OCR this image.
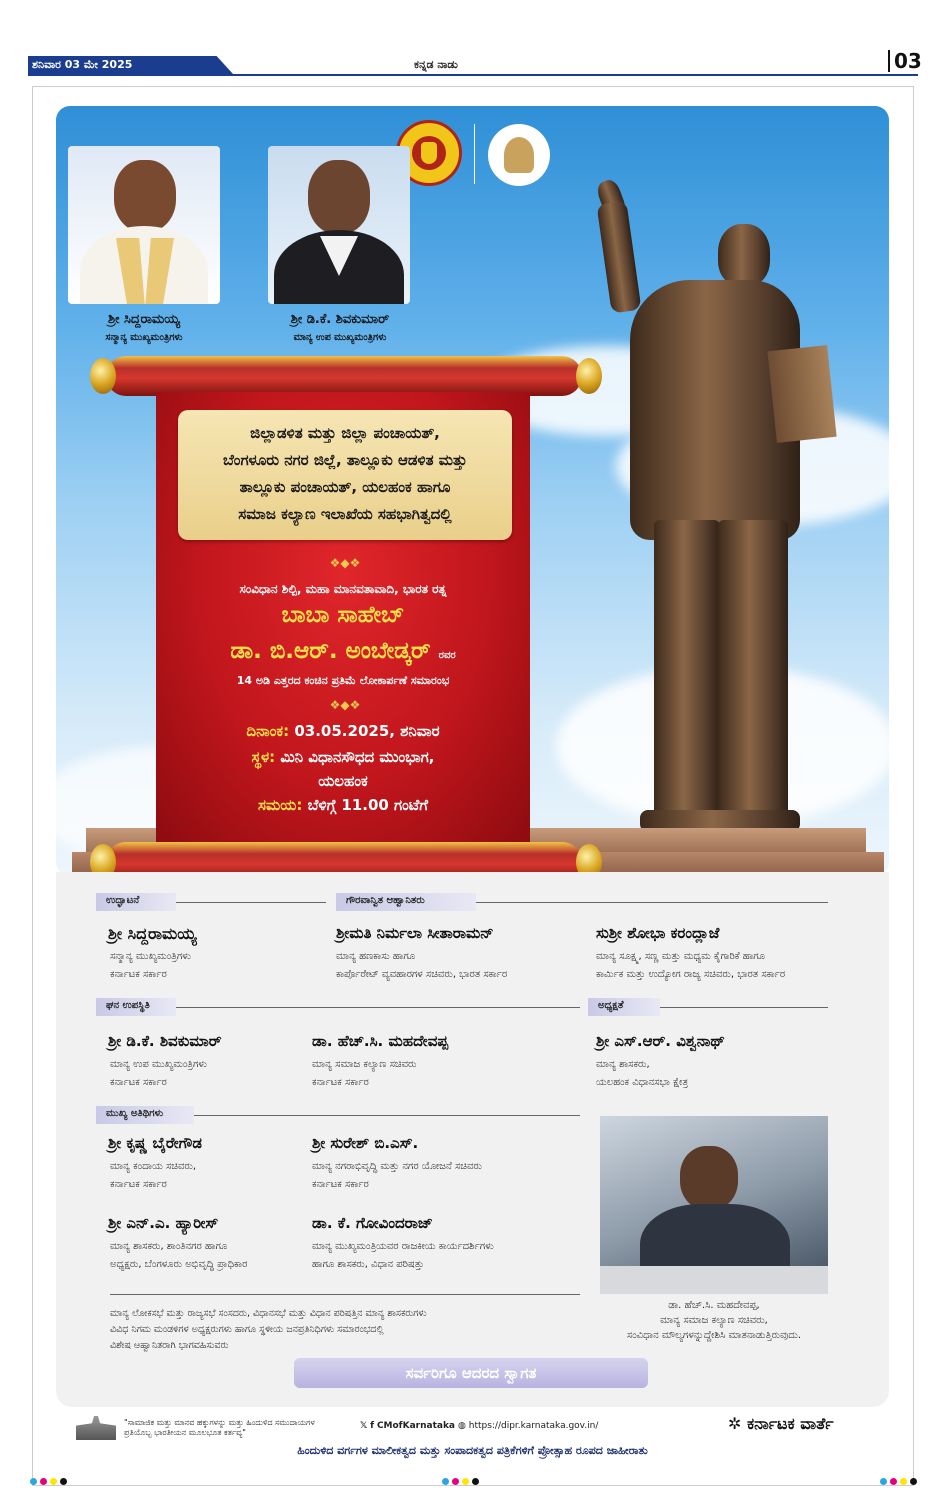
ಶನಿವಾರ 03 ಮೇ 2025	ಕನ್ನಡ ನಾಡು	03
ಶ್ರೀ ಸಿದ್ದರಾಮಯ್ಯ
ಸನ್ಮಾನ್ಯ ಮುಖ್ಯಮಂತ್ರಿಗಳು
ಶ್ರೀ ಡಿ.ಕೆ. ಶಿವಕುಮಾರ್
ಮಾನ್ಯ ಉಪ ಮುಖ್ಯಮಂತ್ರಿಗಳು
ಜಿಲ್ಲಾಡಳಿತ ಮತ್ತು ಜಿಲ್ಲಾ ಪಂಚಾಯತ್,
ಬೆಂಗಳೂರು ನಗರ ಜಿಲ್ಲೆ, ತಾಲ್ಲೂಕು ಆಡಳಿತ ಮತ್ತು
ತಾಲ್ಲೂಕು ಪಂಚಾಯತ್, ಯಲಹಂಕ ಹಾಗೂ
ಸಮಾಜ ಕಲ್ಯಾಣ ಇಲಾಖೆಯ ಸಹಭಾಗಿತ್ವದಲ್ಲಿ
❖◆❖
ಸಂವಿಧಾನ ಶಿಲ್ಪಿ, ಮಹಾ ಮಾನವತಾವಾದಿ, ಭಾರತ ರತ್ನ
ಬಾಬಾ ಸಾಹೇಬ್
ಡಾ. ಬಿ.ಆರ್. ಅಂಬೇಡ್ಕರ್ ರವರ
14 ಅಡಿ ಎತ್ತರದ ಕಂಚಿನ ಪ್ರತಿಮೆ ಲೋಕಾರ್ಪಣೆ ಸಮಾರಂಭ
❖◆❖
ದಿನಾಂಕ: 03.05.2025, ಶನಿವಾರ
ಸ್ಥಳ: ಮಿನಿ ವಿಧಾನಸೌಧದ ಮುಂಭಾಗ,
ಯಲಹಂಕ
ಸಮಯ: ಬೆಳಿಗ್ಗೆ 11.00 ಗಂಟೆಗೆ
ಉದ್ಘಾಟನೆ	ಗೌರವಾನ್ವಿತ ಆಹ್ವಾನಿತರು
ಶ್ರೀ ಸಿದ್ದರಾಮಯ್ಯ
ಸನ್ಮಾನ್ಯ ಮುಖ್ಯಮಂತ್ರಿಗಳು
ಕರ್ನಾಟಕ ಸರ್ಕಾರ
ಶ್ರೀಮತಿ ನಿರ್ಮಲಾ ಸೀತಾರಾಮನ್
ಮಾನ್ಯ ಹಣಕಾಸು ಹಾಗೂ
ಕಾರ್ಪೊರೇಟ್ ವ್ಯವಹಾರಗಳ ಸಚಿವರು, ಭಾರತ ಸರ್ಕಾರ
ಸುಶ್ರೀ ಶೋಭಾ ಕರಂದ್ಲಾಜೆ
ಮಾನ್ಯ ಸೂಕ್ಷ್ಮ, ಸಣ್ಣ ಮತ್ತು ಮಧ್ಯಮ ಕೈಗಾರಿಕೆ ಹಾಗೂ
ಕಾರ್ಮಿಕ ಮತ್ತು ಉದ್ಯೋಗ ರಾಜ್ಯ ಸಚಿವರು, ಭಾರತ ಸರ್ಕಾರ
ಘನ ಉಪಸ್ಥಿತಿ	ಅಧ್ಯಕ್ಷತೆ
ಶ್ರೀ ಡಿ.ಕೆ. ಶಿವಕುಮಾರ್
ಮಾನ್ಯ ಉಪ ಮುಖ್ಯಮಂತ್ರಿಗಳು
ಕರ್ನಾಟಕ ಸರ್ಕಾರ
ಡಾ. ಹೆಚ್.ಸಿ. ಮಹದೇವಪ್ಪ
ಮಾನ್ಯ ಸಮಾಜ ಕಲ್ಯಾಣ ಸಚಿವರು
ಕರ್ನಾಟಕ ಸರ್ಕಾರ
ಶ್ರೀ ಎಸ್.ಆರ್. ವಿಶ್ವನಾಥ್
ಮಾನ್ಯ ಶಾಸಕರು,
ಯಲಹಂಕ ವಿಧಾನಸಭಾ ಕ್ಷೇತ್ರ
ಮುಖ್ಯ ಅತಿಥಿಗಳು
ಶ್ರೀ ಕೃಷ್ಣ ಬೈರೇಗೌಡ
ಮಾನ್ಯ ಕಂದಾಯ ಸಚಿವರು,
ಕರ್ನಾಟಕ ಸರ್ಕಾರ
ಶ್ರೀ ಸುರೇಶ್ ಬಿ.ಎಸ್.
ಮಾನ್ಯ ನಗರಾಭಿವೃದ್ಧಿ ಮತ್ತು ನಗರ ಯೋಜನೆ ಸಚಿವರು
ಕರ್ನಾಟಕ ಸರ್ಕಾರ
ಶ್ರೀ ಎನ್.ಎ. ಹ್ಯಾರೀಸ್
ಮಾನ್ಯ ಶಾಸಕರು, ಶಾಂತಿನಗರ ಹಾಗೂ
ಅಧ್ಯಕ್ಷರು, ಬೆಂಗಳೂರು ಅಭಿವೃದ್ಧಿ ಪ್ರಾಧಿಕಾರ
ಡಾ. ಕೆ. ಗೋವಿಂದರಾಜ್
ಮಾನ್ಯ ಮುಖ್ಯಮಂತ್ರಿಯವರ ರಾಜಕೀಯ ಕಾರ್ಯದರ್ಶಿಗಳು
ಹಾಗೂ ಶಾಸಕರು, ವಿಧಾನ ಪರಿಷತ್ತು
ಮಾನ್ಯ ಲೋಕಸಭೆ ಮತ್ತು ರಾಜ್ಯಸಭೆ ಸಂಸದರು, ವಿಧಾನಸಭೆ ಮತ್ತು ವಿಧಾನ ಪರಿಷತ್ತಿನ ಮಾನ್ಯ ಶಾಸಕರುಗಳು
ವಿವಿಧ ನಿಗಮ ಮಂಡಳಿಗಳ ಅಧ್ಯಕ್ಷರುಗಳು ಹಾಗೂ ಸ್ಥಳೀಯ ಜನಪ್ರತಿನಿಧಿಗಳು ಸಮಾರಂಭದಲ್ಲಿ
ವಿಶೇಷ ಆಹ್ವಾನಿತರಾಗಿ ಭಾಗವಹಿಸುವರು
ಡಾ. ಹೆಚ್.ಸಿ. ಮಹದೇವಪ್ಪ,
ಮಾನ್ಯ ಸಮಾಜ ಕಲ್ಯಾಣ ಸಚಿವರು,
ಸಂವಿಧಾನ ಮೌಲ್ಯಗಳನ್ನುದ್ದೇಶಿಸಿ ಮಾತನಾಡುತ್ತಿರುವುದು.
ಸರ್ವರಿಗೂ ಆದರದ ಸ್ವಾಗತ
"ಸಾಮಾಜಿಕ ಮತ್ತು ಮಾನವ ಹಕ್ಕುಗಳನ್ನು ಮತ್ತು ಹಿಂದುಳಿದ ಸಮುದಾಯಗಳ
ಪ್ರತಿಯೊಬ್ಬ ಭಾರತೀಯನ ಮೂಲಭೂತ ಕರ್ತವ್ಯ"
𝕏 f CMofKarnataka ◍ https://dipr.karnataka.gov.in/	✲ ಕರ್ನಾಟಕ ವಾರ್ತೆ
ಹಿಂದುಳಿದ ವರ್ಗಗಳ ಮಾಲೀಕತ್ವದ ಮತ್ತು ಸಂಪಾದಕತ್ವದ ಪತ್ರಿಕೆಗಳಿಗೆ ಪ್ರೋತ್ಸಾಹ ರೂಪದ ಜಾಹೀರಾತು
